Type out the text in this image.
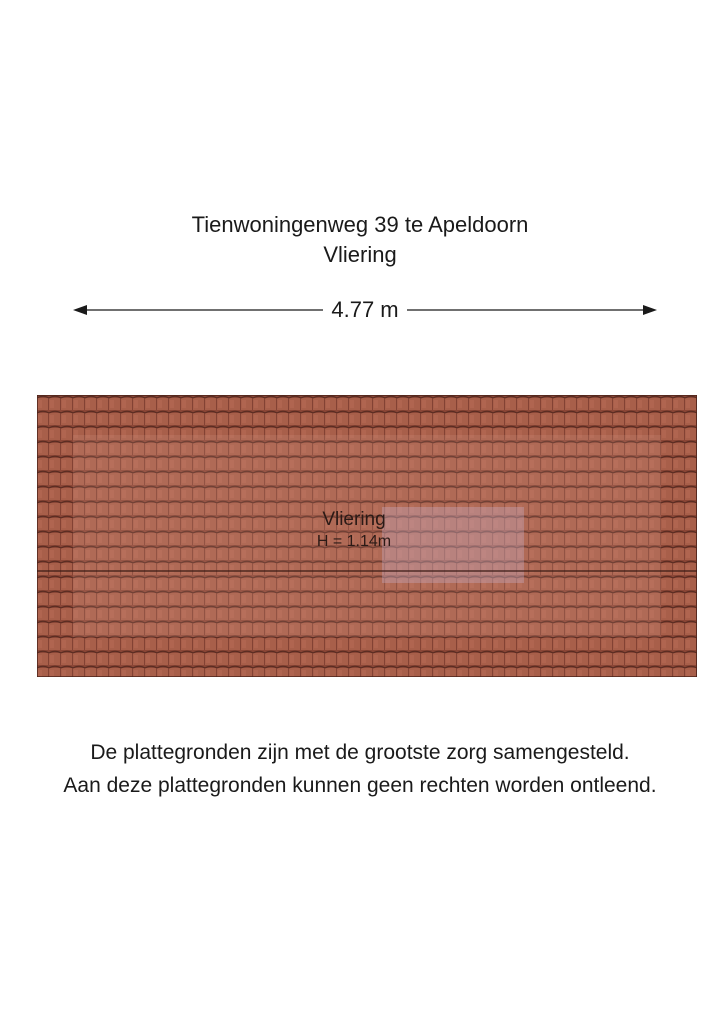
Tienwoningenweg 39 te Apeldoorn
Vliering
4.77 m
Vliering
H = 1.14m
De plattegronden zijn met de grootste zorg samengesteld.
Aan deze plattegronden kunnen geen rechten worden ontleend.
